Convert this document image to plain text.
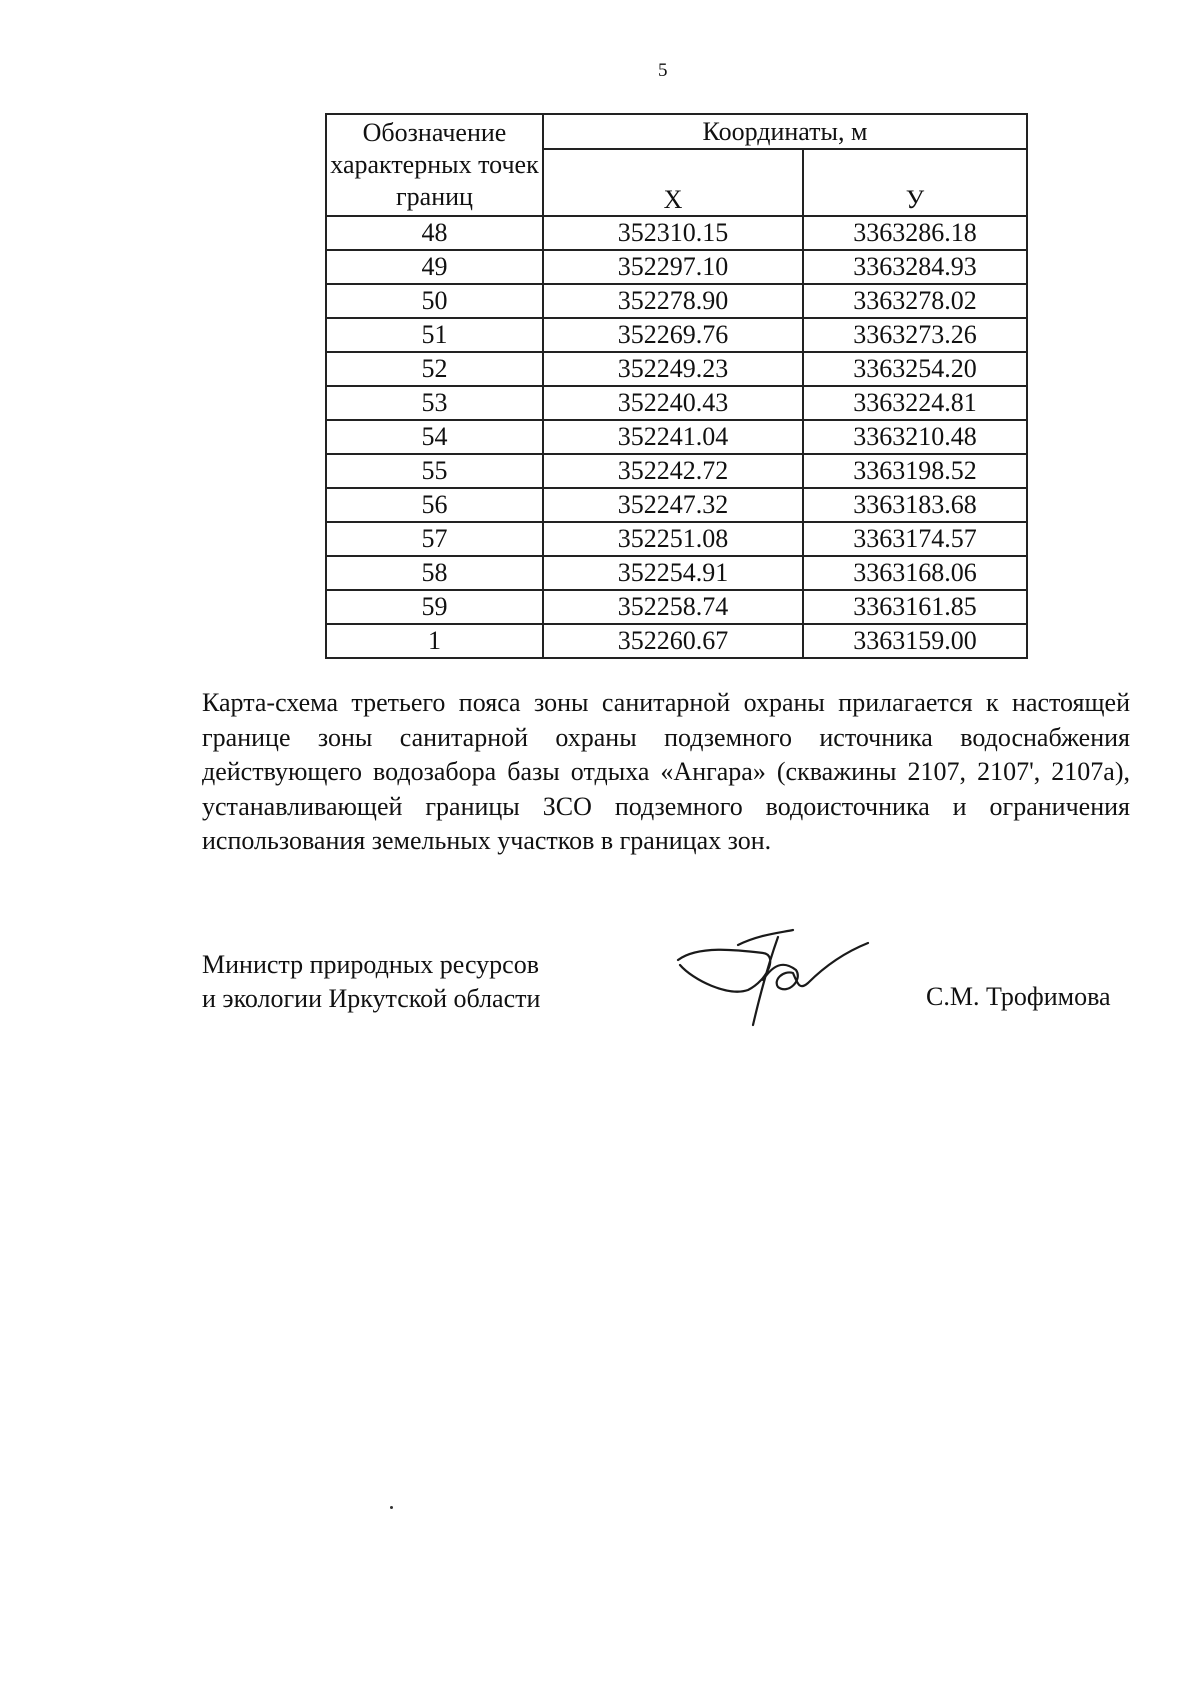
5
Обозначение характерных точек границ	Координаты, м	
	Х	У
48	352310.15	3363286.18
49	352297.10	3363284.93
50	352278.90	3363278.02
51	352269.76	3363273.26
52	352249.23	3363254.20
53	352240.43	3363224.81
54	352241.04	3363210.48
55	352242.72	3363198.52
56	352247.32	3363183.68
57	352251.08	3363174.57
58	352254.91	3363168.06
59	352258.74	3363161.85
1	352260.67	3363159.00
Карта-схема третьего пояса зоны санитарной охраны прилагается к настоящей границе зоны санитарной охраны подземного источника водоснабжения действующего водозабора базы отдыха «Ангара» (скважины 2107, 2107', 2107а), устанавливающей границы ЗСО подземного водоисточника и ограничения использования земельных участков в границах зон.
Министр природных ресурсов
и экологии Иркутской области	С.М. Трофимова
